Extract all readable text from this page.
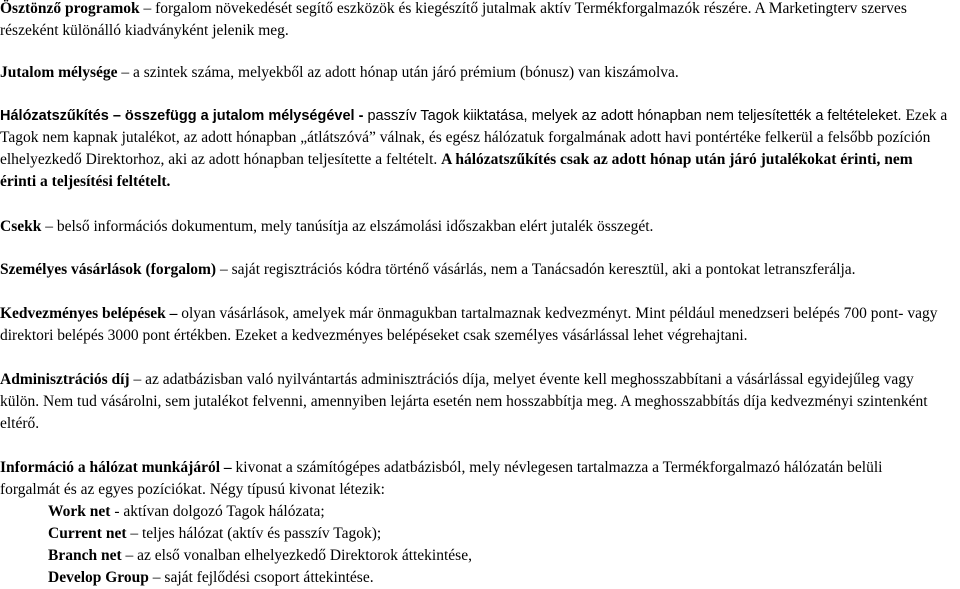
Ösztönző programok – forgalom növekedését segítő eszközök és kiegészítő jutalmak aktív Termékforgalmazók részére. A Marketingterv szerves
részeként különálló kiadványként jelenik meg.

Jutalom mélysége – a szintek száma, melyekből az adott hónap után járó prémium (bónusz) van kiszámolva.

Hálózatszűkítés – összefügg a jutalom mélységével - passzív Tagok kiiktatása, melyek az adott hónapban nem teljesítették a feltételeket. Ezek a
Tagok nem kapnak jutalékot, az adott hónapban „átlátszóvá” válnak, és egész hálózatuk forgalmának adott havi pontértéke felkerül a felsőbb pozíción
elhelyezkedő Direktorhoz, aki az adott hónapban teljesítette a feltételt. A hálózatszűkítés csak az adott hónap után járó jutalékokat érinti, nem
érinti a teljesítési feltételt.

Csekk – belső információs dokumentum, mely tanúsítja az elszámolási időszakban elért jutalék összegét.

Személyes vásárlások (forgalom) – saját regisztrációs kódra történő vásárlás, nem a Tanácsadón keresztül, aki a pontokat letranszferálja.

Kedvezményes belépések – olyan vásárlások, amelyek már önmagukban tartalmaznak kedvezményt. Mint például menedzseri belépés 700 pont- vagy
direktori belépés 3000 pont értékben. Ezeket a kedvezményes belépéseket csak személyes vásárlással lehet végrehajtani.

Adminisztrációs díj – az adatbázisban való nyilvántartás adminisztrációs díja, melyet évente kell meghosszabbítani a vásárlással egyidejűleg vagy
külön. Nem tud vásárolni, sem jutalékot felvenni, amennyiben lejárta esetén nem hosszabbítja meg. A meghosszabbítás díja kedvezményi szintenként
eltérő.

Információ a hálózat munkájáról – kivonat a számítógépes adatbázisból, mely névlegesen tartalmazza a Termékforgalmazó hálózatán belüli
forgalmát és az egyes pozíciókat. Négy típusú kivonat létezik:
Work net - aktívan dolgozó Tagok hálózata;
Current net – teljes hálózat (aktív és passzív Tagok);
Branch net – az első vonalban elhelyezkedő Direktorok áttekintése,
Develop Group – saját fejlődési csoport áttekintése.
